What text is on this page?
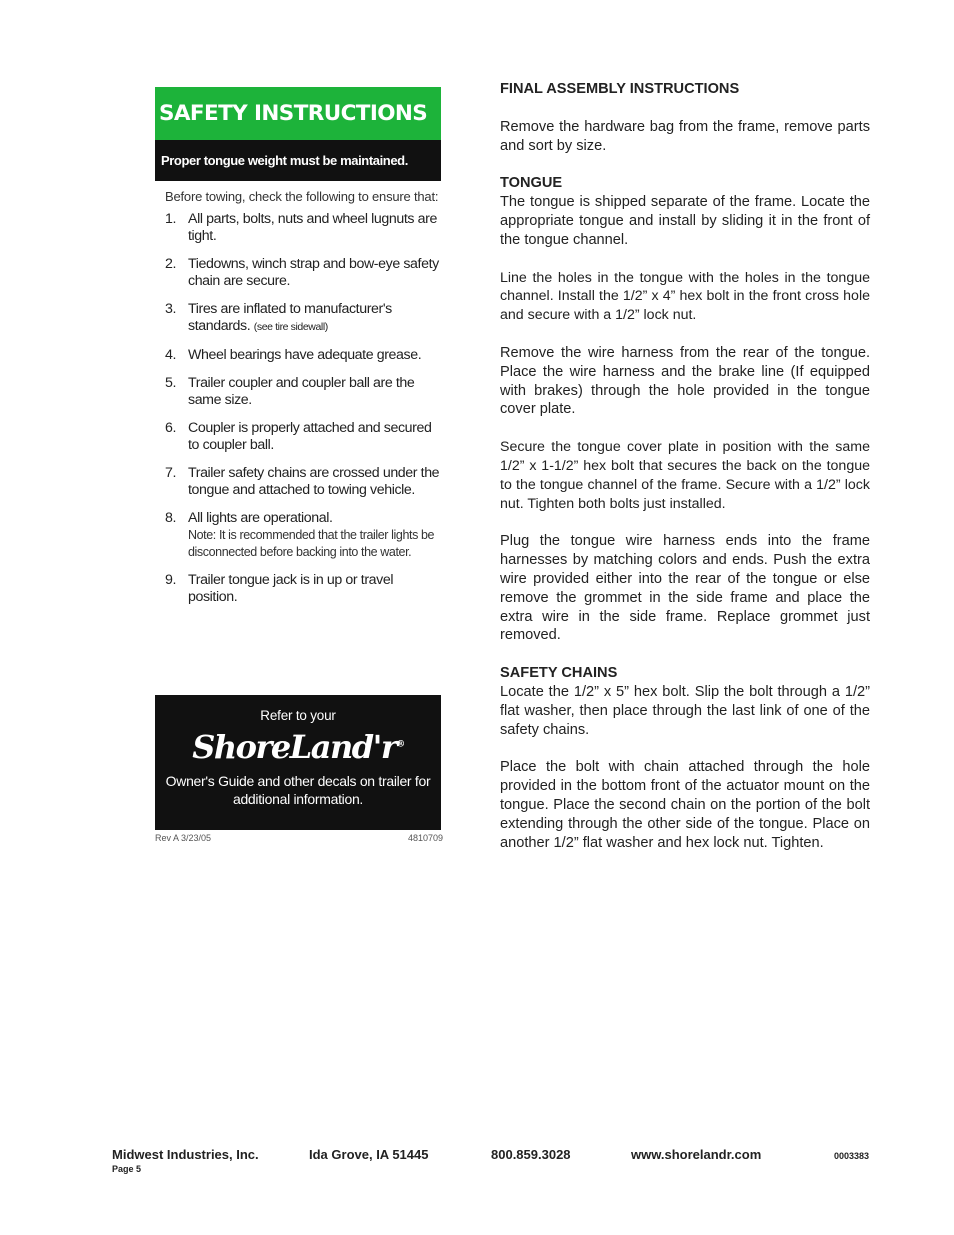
SAFETY INSTRUCTIONS
Proper tongue weight must be maintained.
Before towing, check the following to ensure that:
1. All parts, bolts, nuts and wheel lugnuts are tight.
2. Tiedowns, winch strap and bow-eye safety chain are secure.
3. Tires are inflated to manufacturer's standards. (see tire sidewall)
4. Wheel bearings have adequate grease.
5. Trailer coupler and coupler ball are the same size.
6. Coupler is properly attached and secured to coupler ball.
7. Trailer safety chains are crossed under the tongue and attached to towing vehicle.
8. All lights are operational.
Note: It is recommended that the trailer lights be disconnected before backing into the water.
9. Trailer tongue jack is in up or travel position.
Refer to your
ShoreLand'r®
Owner's Guide and other decals on trailer for additional information.
Rev A 3/23/05	4810709
FINAL ASSEMBLY INSTRUCTIONS

Remove the hardware bag from the frame, remove parts and sort by size.

TONGUE

The tongue is shipped separate of the frame. Locate the appropriate tongue and install by sliding it in the front of the tongue channel.

Line the holes in the tongue with the holes in the tongue channel. Install the 1/2” x 4” hex bolt in the front cross hole and secure with a 1/2” lock nut.

Remove the wire harness from the rear of the tongue. Place the wire harness and the brake line (If equipped with brakes) through the hole provided in the tongue cover plate.

Secure the tongue cover plate in position with the same 1/2” x 1-1/2” hex bolt that secures the back on the tongue to the tongue channel of the frame. Secure with a 1/2” lock nut. Tighten both bolts just installed.

Plug the tongue wire harness ends into the frame harnesses by matching colors and ends. Push the extra wire provided either into the rear of the tongue or else remove the grommet in the side frame and place the extra wire in the side frame. Replace grommet just removed.

SAFETY CHAINS

Locate the 1/2” x 5” hex bolt. Slip the bolt through a 1/2” flat washer, then place through the last link of one of the safety chains.

Place the bolt with chain attached through the hole provided in the bottom front of the actuator mount on the tongue. Place the second chain on the portion of the bolt extending through the other side of the tongue. Place on another 1/2” flat washer and hex lock nut. Tighten.

Midwest Industries, Inc.	Ida Grove, IA 51445	800.859.3028	www.shorelandr.com	0003383
Page 5
